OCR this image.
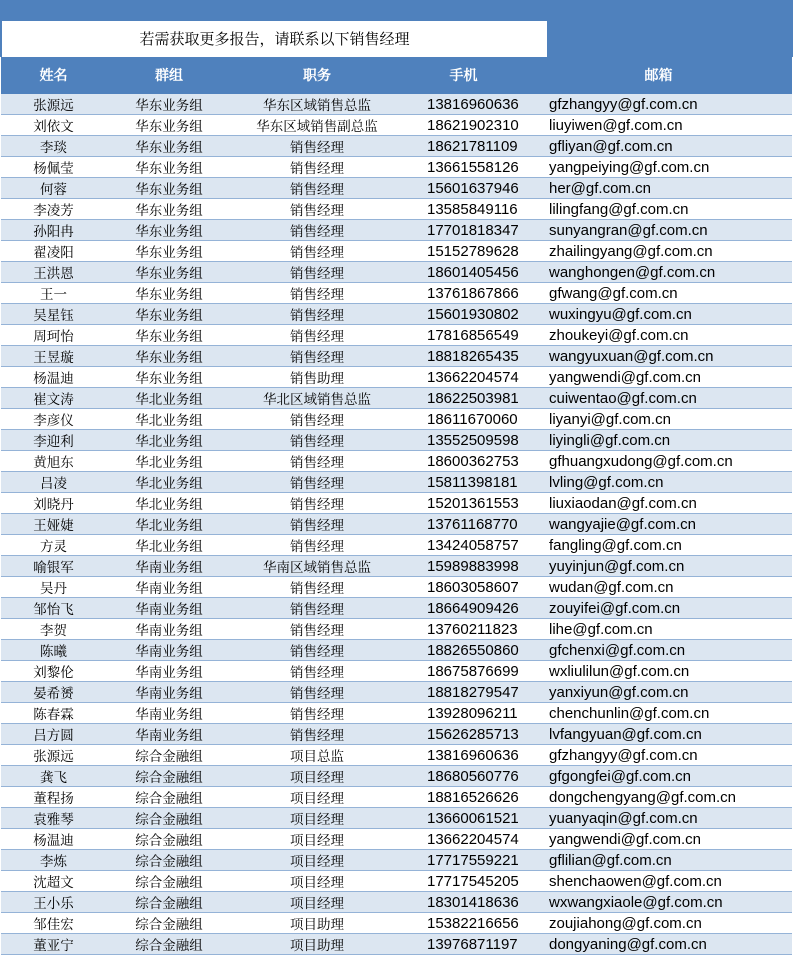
若需获取更多报告，请联系以下销售经理
姓名	群组	职务	手机	邮箱
张源远	华东业务组	华东区域销售总监	13816960636	gfzhangyy@gf.com.cn
刘依文	华东业务组	华东区域销售副总监	18621902310	liuyiwen@gf.com.cn
李琰	华东业务组	销售经理	18621781109	gfliyan@gf.com.cn
杨佩莹	华东业务组	销售经理	13661558126	yangpeiying@gf.com.cn
何蓉	华东业务组	销售经理	15601637946	her@gf.com.cn
李凌芳	华东业务组	销售经理	13585849116	lilingfang@gf.com.cn
孙阳冉	华东业务组	销售经理	17701818347	sunyangran@gf.com.cn
翟凌阳	华东业务组	销售经理	15152789628	zhailingyang@gf.com.cn
王洪恩	华东业务组	销售经理	18601405456	wanghongen@gf.com.cn
王一	华东业务组	销售经理	13761867866	gfwang@gf.com.cn
吴星钰	华东业务组	销售经理	15601930802	wuxingyu@gf.com.cn
周珂怡	华东业务组	销售经理	17816856549	zhoukeyi@gf.com.cn
王昱璇	华东业务组	销售经理	18818265435	wangyuxuan@gf.com.cn
杨温迪	华东业务组	销售助理	13662204574	yangwendi@gf.com.cn
崔文涛	华北业务组	华北区域销售总监	18622503981	cuiwentao@gf.com.cn
李彦仪	华北业务组	销售经理	18611670060	liyanyi@gf.com.cn
李迎利	华北业务组	销售经理	13552509598	liyingli@gf.com.cn
黄旭东	华北业务组	销售经理	18600362753	gfhuangxudong@gf.com.cn
吕凌	华北业务组	销售经理	15811398181	lvling@gf.com.cn
刘晓丹	华北业务组	销售经理	15201361553	liuxiaodan@gf.com.cn
王娅婕	华北业务组	销售经理	13761168770	wangyajie@gf.com.cn
方灵	华北业务组	销售经理	13424058757	fangling@gf.com.cn
喻银军	华南业务组	华南区域销售总监	15989883998	yuyinjun@gf.com.cn
吴丹	华南业务组	销售经理	18603058607	wudan@gf.com.cn
邹怡飞	华南业务组	销售经理	18664909426	zouyifei@gf.com.cn
李贺	华南业务组	销售经理	13760211823	lihe@gf.com.cn
陈曦	华南业务组	销售经理	18826550860	gfchenxi@gf.com.cn
刘黎伦	华南业务组	销售经理	18675876699	wxliulilun@gf.com.cn
晏希赟	华南业务组	销售经理	18818279547	yanxiyun@gf.com.cn
陈春霖	华南业务组	销售经理	13928096211	chenchunlin@gf.com.cn
吕方圆	华南业务组	销售经理	15626285713	lvfangyuan@gf.com.cn
张源远	综合金融组	项目总监	13816960636	gfzhangyy@gf.com.cn
龚飞	综合金融组	项目经理	18680560776	gfgongfei@gf.com.cn
董程扬	综合金融组	项目经理	18816526626	dongchengyang@gf.com.cn
袁雅琴	综合金融组	项目经理	13660061521	yuanyaqin@gf.com.cn
杨温迪	综合金融组	项目经理	13662204574	yangwendi@gf.com.cn
李炼	综合金融组	项目经理	17717559221	gflilian@gf.com.cn
沈超文	综合金融组	项目经理	17717545205	shenchaowen@gf.com.cn
王小乐	综合金融组	项目经理	18301418636	wxwangxiaole@gf.com.cn
邹佳宏	综合金融组	项目助理	15382216656	zoujiahong@gf.com.cn
董亚宁	综合金融组	项目助理	13976871197	dongyaning@gf.com.cn
